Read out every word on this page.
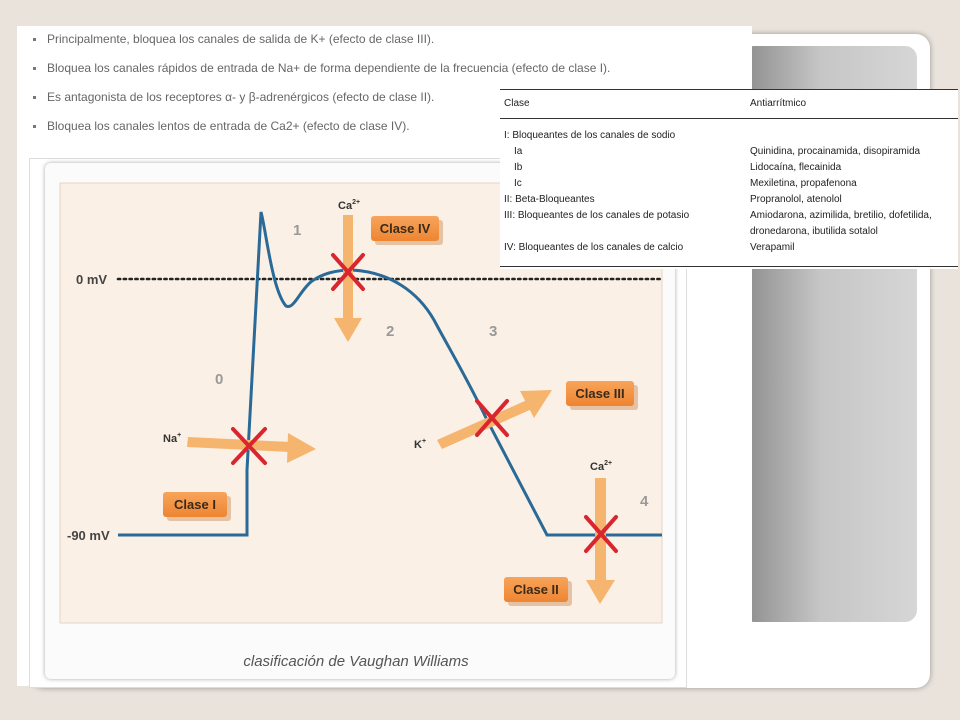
Principalmente, bloquea los canales de salida de K+ (efecto de clase III).
Bloquea los canales rápidos de entrada de Na+ de forma dependiente de la frecuencia (efecto de clase I).
Es antagonista de los receptores α- y β-adrenérgicos (efecto de clase II).
Bloquea los canales lentos de entrada de Ca2+ (efecto de clase IV).
0 mV
-90 mV
0
1
2	3
4
$Ca^{2+}$
Na+
K+
$Ca^{2+}$
Clase IV
Clase III
Clase I
Clase II
clasificación de Vaughan Williams
Clase	Antiarrítmico
I: Bloqueantes de los canales de sodio
Ia	Quinidina, procainamida, disopiramida
Ib	Lidocaína, flecainida
Ic	Mexiletina, propafenona
II: Beta-Bloqueantes	Propranolol, atenolol
III: Bloqueantes de los canales de potasio	Amiodarona, azimilida, bretilio, dofetilida,
dronedarona, ibutilida sotalol
IV: Bloqueantes de los canales de calcio	Verapamil
